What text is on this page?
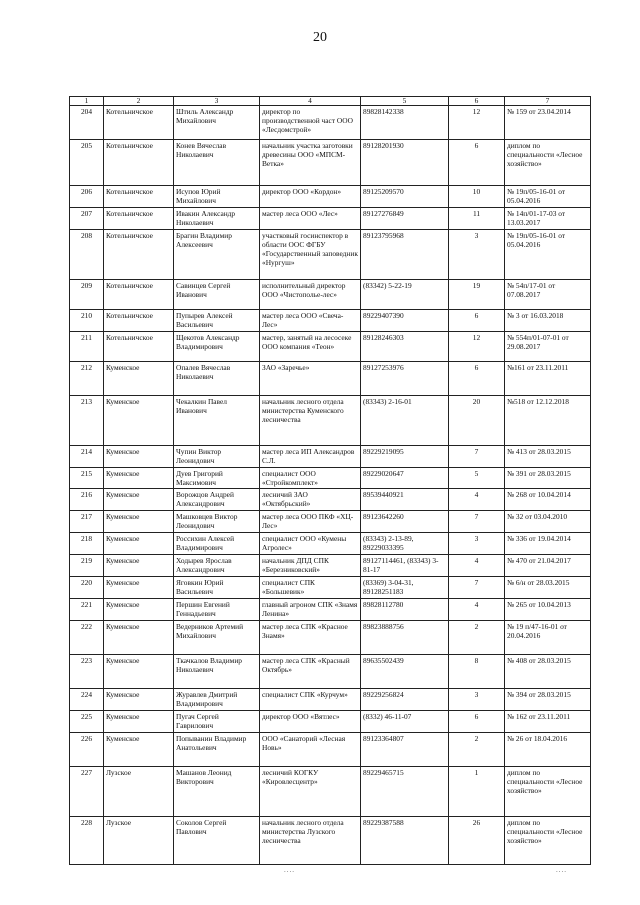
20
1	2	3	4	5	6	7
204	Котельничское	Штиль Александр Михайлович	директор по производственной част ООО «Лесдомстрой»	89828142338	12	№ 159 от 23.04.2014
205	Котельничское	Конев Вячеслав Николаевич	начальник участка заготовки древесины ООО «МПСМ-Ветка»	89128201930	6	диплом по специальности «Лесное хозяйство»
206	Котельничское	Исупов Юрий Михайлович	директор ООО «Кордон»	89125209570	10	№ 19п/05-16-01 от 05.04.2016
207	Котельничское	Ивакин Александр Николаевич	мастер леса ООО «Лес»	89127276849	11	№ 14п/01-17-03 от 13.03.2017
208	Котельничское	Брагин Владимир Алексеевич	участковый госинспектор в области ООС ФГБУ «Государственный заповедник «Нургуш»	89123795968	3	№ 19п/05-16-01 от 05.04.2016
209	Котельничское	Савинцев Сергей Иванович	исполнительный директор ООО «Чистополье-лес»	(83342) 5-22-19	19	№ 54п/17-01 от 07.08.2017
210	Котельничское	Пупырев Алексей Васильевич	мастер леса ООО «Свеча-Лес»	89229407390	6	№ 3 от 16.03.2018
211	Котельничское	Щекотов Александр Владимирович	мастер, занятый на лесосеке ООО компания «Теон»	89128246303	12	№ 554п/01-07-01 от 29.08.2017
212	Куменское	Опалев Вячеслав Николаевич	ЗАО «Заречье»	89127253976	6	№161 от 23.11.2011
213	Куменское	Чекалкин Павел Иванович	начальник лесного отдела министерства Куменского лесничества	(83343) 2-16-01	20	№518 от 12.12.2018
214	Куменское	Чупин Виктор Леонидович	мастер леса ИП Александров С.Л.	89229219095	7	№ 413 от 28.03.2015
215	Куменское	Дуев Григорий Максимович	специалист ООО «Стройкомплект»	89229020647	5	№ 391 от 28.03.2015
216	Куменское	Ворожцов Андрей Александрович	лесничий ЗАО «Октябрьский»	89539440921	4	№ 268 от 10.04.2014
217	Куменское	Машковцев Виктор Леонидович	мастер леса ООО ПКФ «ХЦ-Лес»	89123642260	7	№ 32 от 03.04.2010
218	Куменское	Россихин Алексей Владимирович	специалист ООО «Кумены Агролес»	(83343) 2-13-89, 89229033395	3	№ 336 от 19.04.2014
219	Куменское	Ходырев Ярослав Александрович	начальник ДПД СПК «Березниковский»	89127114461, (83343) 3-81-17	4	№ 470 от 21.04.2017
220	Куменское	Яговкин Юрий Васильевич	специалист СПК «Большевик»	(83369) 3-04-31, 89128251183	7	№ 6/н от 28.03.2015
221	Куменское	Першин Евгений Геннадьевич	главный агроном СПК «Знамя Ленина»	89828112780	4	№ 265 от 10.04.2013
222	Куменское	Ведерников Артемий Михайлович	мастер леса СПК «Красное Знамя»	89823888756	2	№ 19 п/47-16-01 от 20.04.2016
223	Куменское	Ткачкалов Владимир Николаевич	мастер леса СПК «Красный Октябрь»	89635502439	8	№ 408 от 28.03.2015
224	Куменское	Журавлев Дмитрий Владимирович	специалист СПК «Курчум»	89229256824	3	№ 394 от 28.03.2015
225	Куменское	Пугач Сергей Гаврилович	директор ООО «Вятлес»	(8332) 46-11-07	6	№ 162 от 23.11.2011
226	Куменское	Попыванин Владимир Анатольевич	ООО «Санаторий «Лесная Новь»	89123364807	2	№ 26 от 18.04.2016
227	Лузское	Машанов Леонид Викторович	лесничий КОГКУ «Кировлесцентр»	89229465715	1	диплом по специальности «Лесное хозяйство»
228	Лузское	Соколов Сергей Павлович	начальник лесного отдела министерства Лузского лесничества	89229387588	26	диплом по специальности «Лесное хозяйство»
....	....
